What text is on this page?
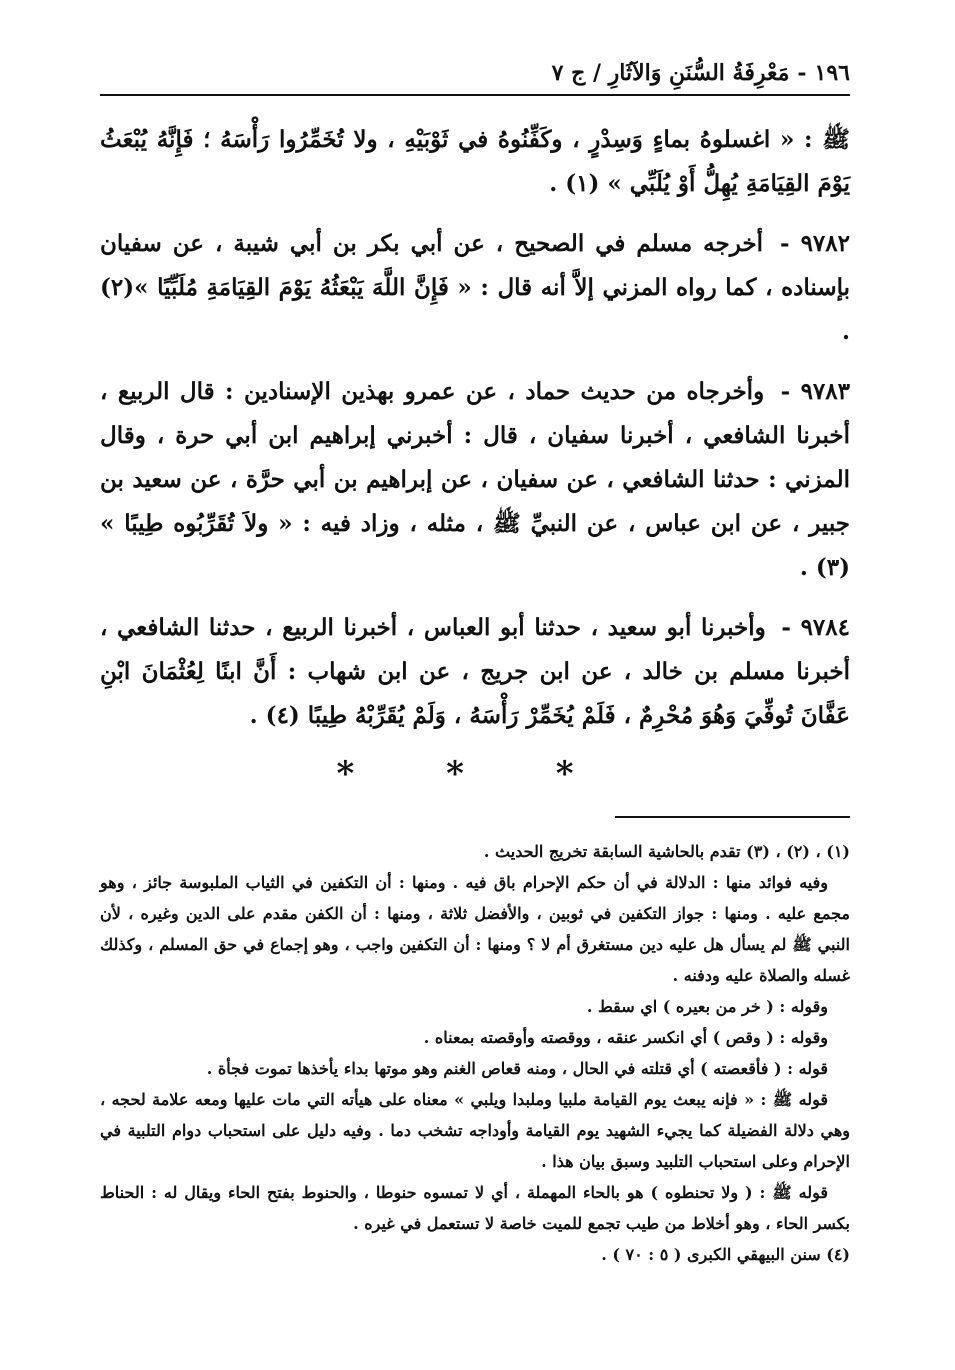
١٩٦
-
مَعْرِفَةُ السُّنَنِ وَالآثَارِ / ج ٧

ﷺ : « اغسلوهُ بماءٍ وَسِدْرٍ ، وكَفِّنُوهُ في ثَوْبَيْهِ ، ولا تُخَمِّرُوا رَأْسَهُ ؛ فَإِنَّهُ يُبْعَثُ يَوْمَ القِيَامَةِ يُهِلُّ أَوْ يُلَبِّي » (١) .

٩٧٨٢ - أخرجه مسلم في الصحيح ، عن أبي بكر بن أبي شيبة ، عن سفيان بإسناده ، كما رواه المزني إلاَّ أنه قال : « فَإِنَّ اللَّهَ يَبْعَثُهُ يَوْمَ القِيَامَةِ مُلَبِّيًا »(٢) .

٩٧٨٣ - وأخرجاه من حديث حماد ، عن عمرو بهذين الإسنادين : قال الربيع ، أخبرنا الشافعي ، أخبرنا سفيان ، قال : أخبرني إبراهيم ابن أبي حرة ، وقال المزني : حدثنا الشافعي ، عن سفيان ، عن إبراهيم بن أبي حرَّة ، عن سعيد بن جبير ، عن ابن عباس ، عن النبيِّ ﷺ ، مثله ، وزاد فيه : « ولاَ تُقَرِّبُوه طِيبًا » (٣) .

٩٧٨٤ - وأخبرنا أبو سعيد ، حدثنا أبو العباس ، أخبرنا الربيع ، حدثنا الشافعي ، أخبرنا مسلم بن خالد ، عن ابن جريج ، عن ابن شهاب : أَنَّ ابنًا لِعُثْمَانَ ابْنِ عَفَّانَ تُوفِّيَ وَهُوَ مُحْرِمٌ ، فَلَمْ يُخَمِّرْ رَأْسَهُ ، وَلَمْ يُقَرِّبْهُ طِيبًا (٤) .

* * *

(١) ، (٢) ، (٣) تقدم بالحاشية السابقة تخريج الحديث .

وفيه فوائد منها : الدلالة في أن حكم الإحرام باق فيه . ومنها : أن التكفين في الثياب الملبوسة جائز ، وهو مجمع عليه . ومنها : جواز التكفين في ثوبين ، والأفضل ثلاثة ، ومنها : أن الكفن مقدم على الدين وغيره ، لأن النبي ﷺ لم يسأل هل عليه دين مستغرق أم لا ؟ ومنها : أن التكفين واجب ، وهو إجماع في حق المسلم ، وكذلك غسله والصلاة عليه ودفنه .

وقوله : ( خر من بعيره ) اي سقط .

وقوله : ( وقص ) أي انكسر عنقه ، ووقصته وأوقصته بمعناه .

قوله : ( فأقعصته ) أي قتلته في الحال ، ومنه قعاص الغنم وهو موتها بداء يأخذها تموت فجأة .

قوله ﷺ : « فإنه يبعث يوم القيامة ملبيا وملبدا ويلبي » معناه على هيأته التي مات عليها ومعه علامة لحجه ، وهي دلالة الفضيلة كما يجيء الشهيد يوم القيامة وأوداجه تشخب دما . وفيه دليل على استحباب دوام التلبية في الإحرام وعلى استحباب التلبيد وسبق بيان هذا .

قوله ﷺ : ( ولا تحنطوه ) هو بالحاء المهملة ، أي لا تمسوه حنوطا ، والحنوط بفتح الحاء ويقال له : الحناط بكسر الحاء ، وهو أخلاط من طيب تجمع للميت خاصة لا تستعمل في غيره .

(٤) سنن البيهقي الكبرى ( ٥ : ٧٠ ) .
